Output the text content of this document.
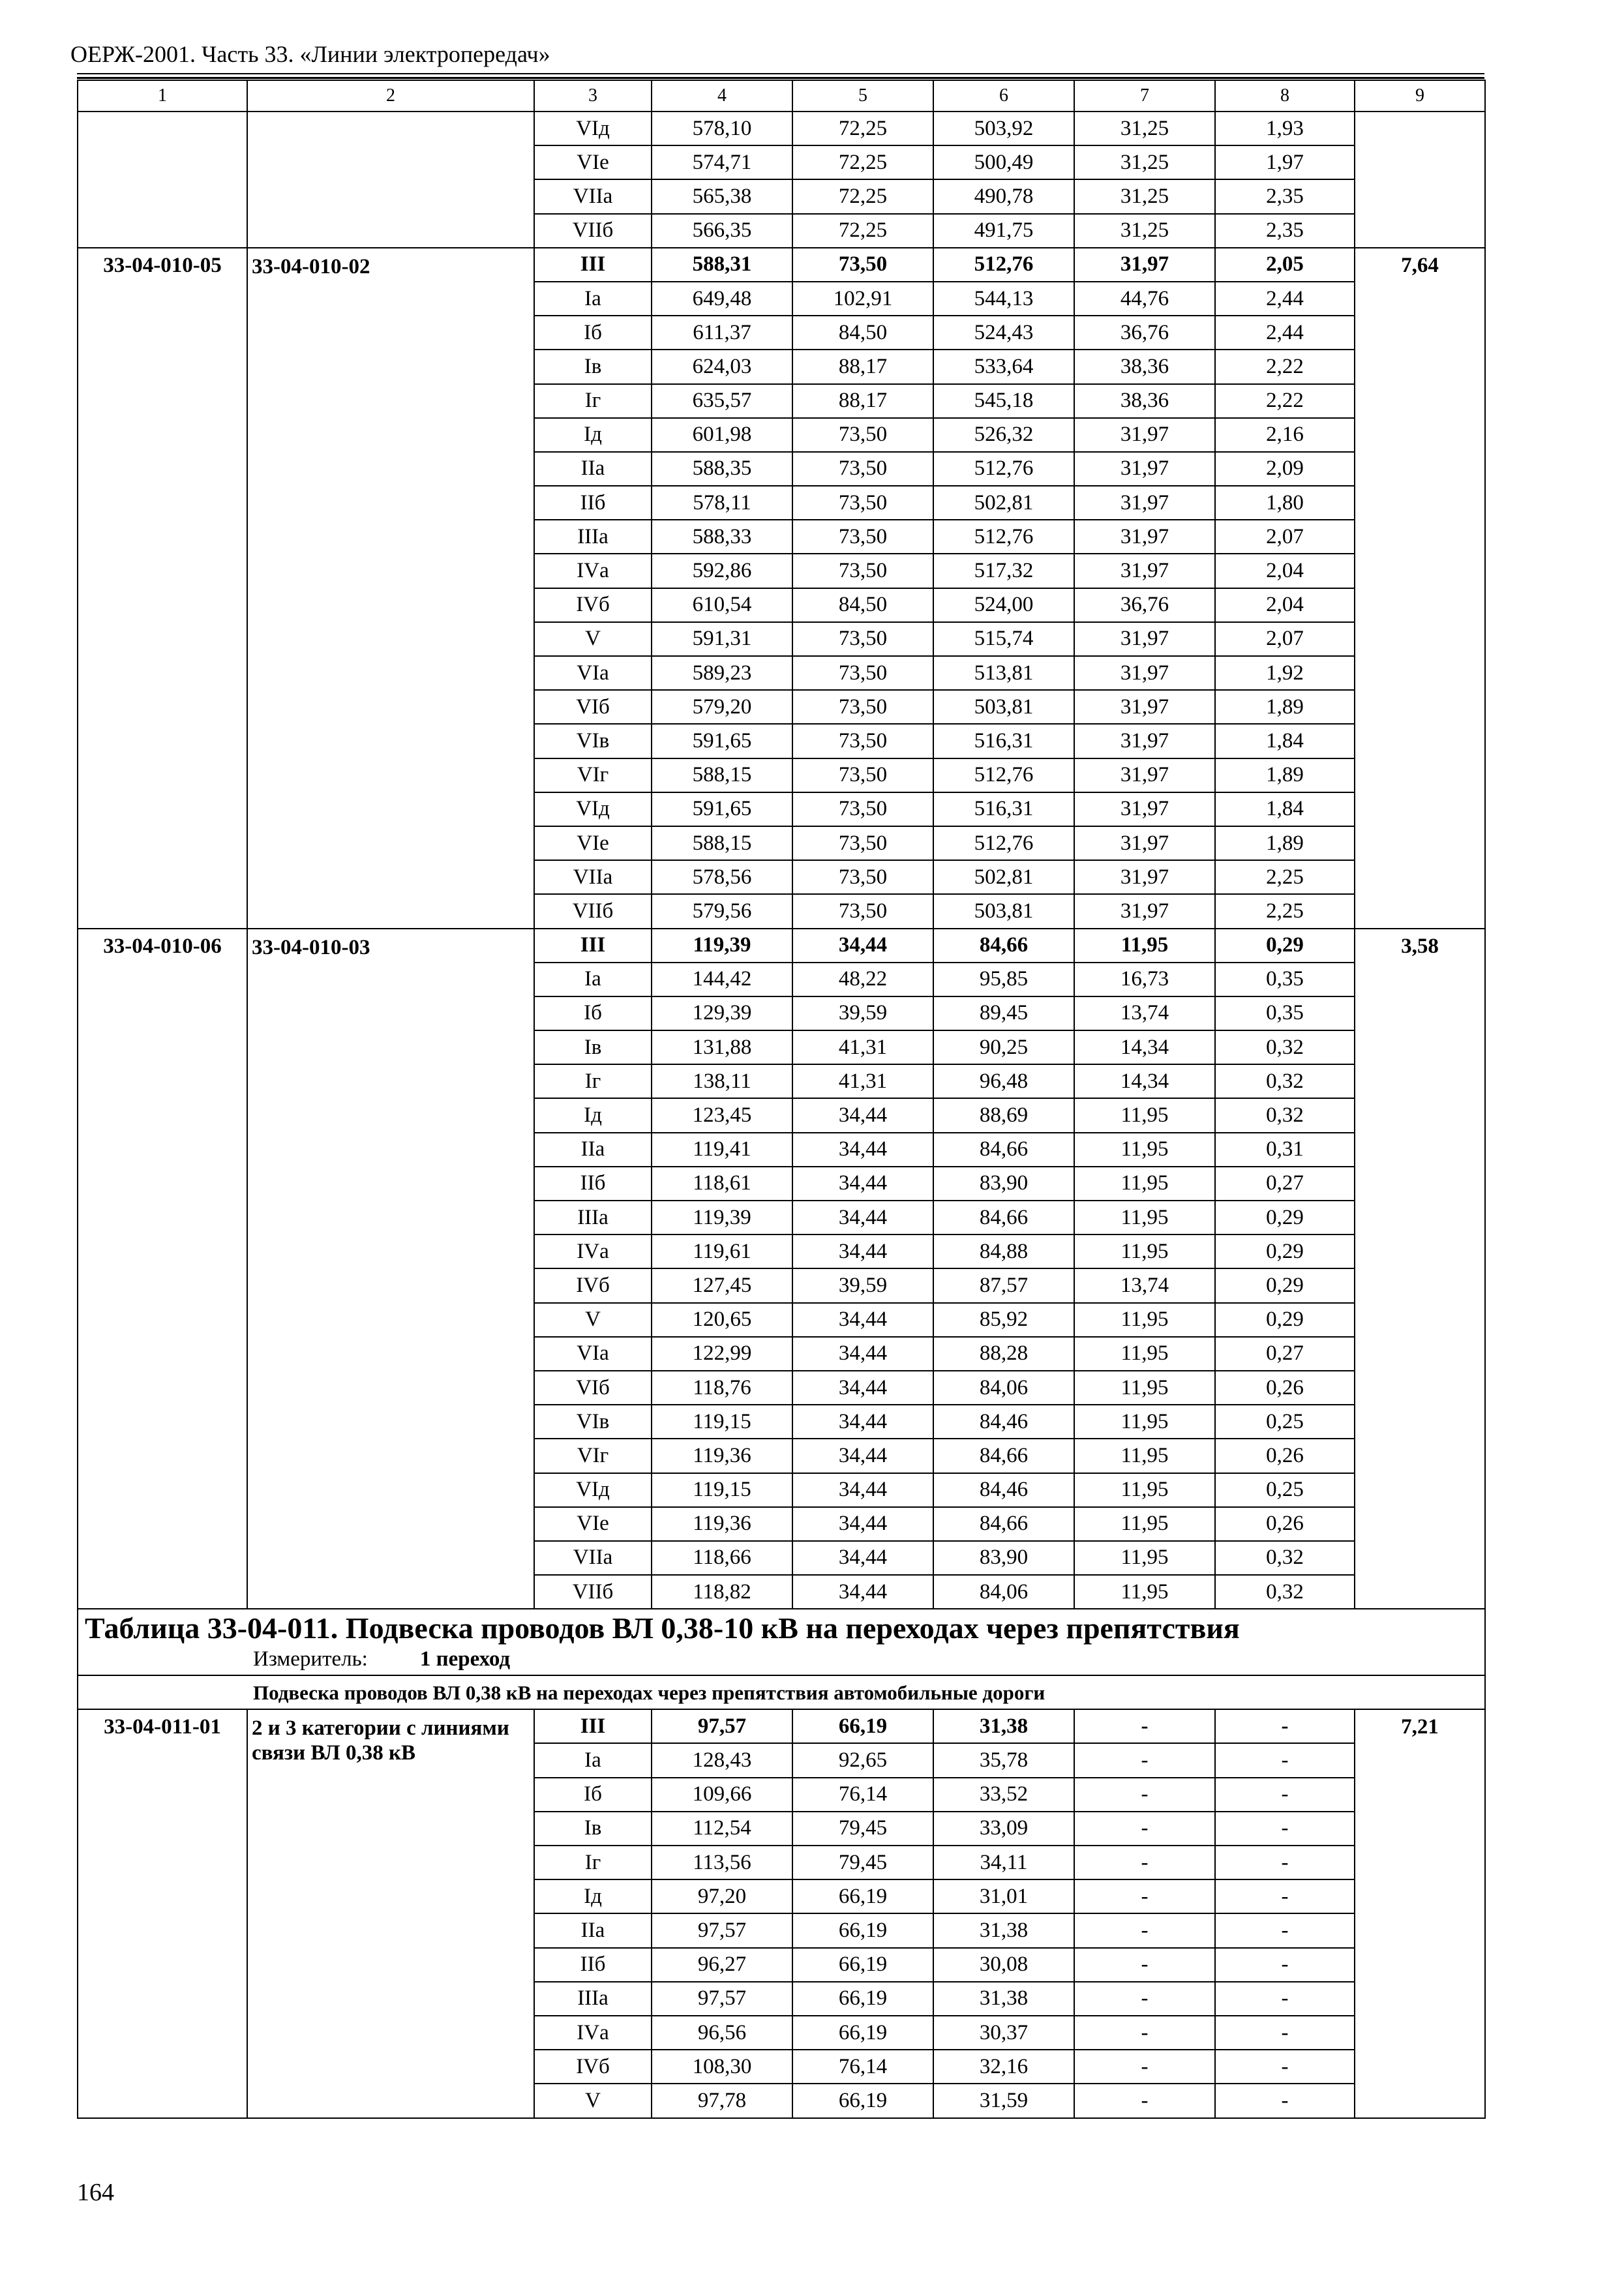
ОЕРЖ-2001. Часть 33. «Линии электропередач»
1	2	3	4	5	6	7	8	9
		VIд	578,10	72,25	503,92	31,25	1,93	
		VIе	574,71	72,25	500,49	31,25	1,97	
		VIIа	565,38	72,25	490,78	31,25	2,35	
		VIIб	566,35	72,25	491,75	31,25	2,35	
33-04-010-05	33-04-010-02	III	588,31	73,50	512,76	31,97	2,05	7,64
		Iа	649,48	102,91	544,13	44,76	2,44	
		Iб	611,37	84,50	524,43	36,76	2,44	
		Iв	624,03	88,17	533,64	38,36	2,22	
		Iг	635,57	88,17	545,18	38,36	2,22	
		Iд	601,98	73,50	526,32	31,97	2,16	
		IIа	588,35	73,50	512,76	31,97	2,09	
		IIб	578,11	73,50	502,81	31,97	1,80	
		IIIа	588,33	73,50	512,76	31,97	2,07	
		IVа	592,86	73,50	517,32	31,97	2,04	
		IVб	610,54	84,50	524,00	36,76	2,04	
		V	591,31	73,50	515,74	31,97	2,07	
		VIа	589,23	73,50	513,81	31,97	1,92	
		VIб	579,20	73,50	503,81	31,97	1,89	
		VIв	591,65	73,50	516,31	31,97	1,84	
		VIг	588,15	73,50	512,76	31,97	1,89	
		VIд	591,65	73,50	516,31	31,97	1,84	
		VIе	588,15	73,50	512,76	31,97	1,89	
		VIIа	578,56	73,50	502,81	31,97	2,25	
		VIIб	579,56	73,50	503,81	31,97	2,25	
33-04-010-06	33-04-010-03	III	119,39	34,44	84,66	11,95	0,29	3,58
		Iа	144,42	48,22	95,85	16,73	0,35	
		Iб	129,39	39,59	89,45	13,74	0,35	
		Iв	131,88	41,31	90,25	14,34	0,32	
		Iг	138,11	41,31	96,48	14,34	0,32	
		Iд	123,45	34,44	88,69	11,95	0,32	
		IIа	119,41	34,44	84,66	11,95	0,31	
		IIб	118,61	34,44	83,90	11,95	0,27	
		IIIа	119,39	34,44	84,66	11,95	0,29	
		IVа	119,61	34,44	84,88	11,95	0,29	
		IVб	127,45	39,59	87,57	13,74	0,29	
		V	120,65	34,44	85,92	11,95	0,29	
		VIа	122,99	34,44	88,28	11,95	0,27	
		VIб	118,76	34,44	84,06	11,95	0,26	
		VIв	119,15	34,44	84,46	11,95	0,25	
		VIг	119,36	34,44	84,66	11,95	0,26	
		VIд	119,15	34,44	84,46	11,95	0,25	
		VIе	119,36	34,44	84,66	11,95	0,26	
		VIIа	118,66	34,44	83,90	11,95	0,32	
		VIIб	118,82	34,44	84,06	11,95	0,32	

Таблица 33-04-011. Подвеска проводов ВЛ 0,38-10 кВ на переходах через препятствия
Измеритель: 1 переход								

Подвеска проводов ВЛ 0,38 кВ на переходах через препятствия автомобильные дороги								
33-04-011-01	2 и 3 категории с линиями связи ВЛ 0,38 кВ	III	97,57	66,19	31,38	-	-	7,21
		Iа	128,43	92,65	35,78	-	-	
		Iб	109,66	76,14	33,52	-	-	
		Iв	112,54	79,45	33,09	-	-	
		Iг	113,56	79,45	34,11	-	-	
		Iд	97,20	66,19	31,01	-	-	
		IIа	97,57	66,19	31,38	-	-	
		IIб	96,27	66,19	30,08	-	-	
		IIIа	97,57	66,19	31,38	-	-	
		IVа	96,56	66,19	30,37	-	-	
		IVб	108,30	76,14	32,16	-	-	
		V	97,78	66,19	31,59	-	-	
164
